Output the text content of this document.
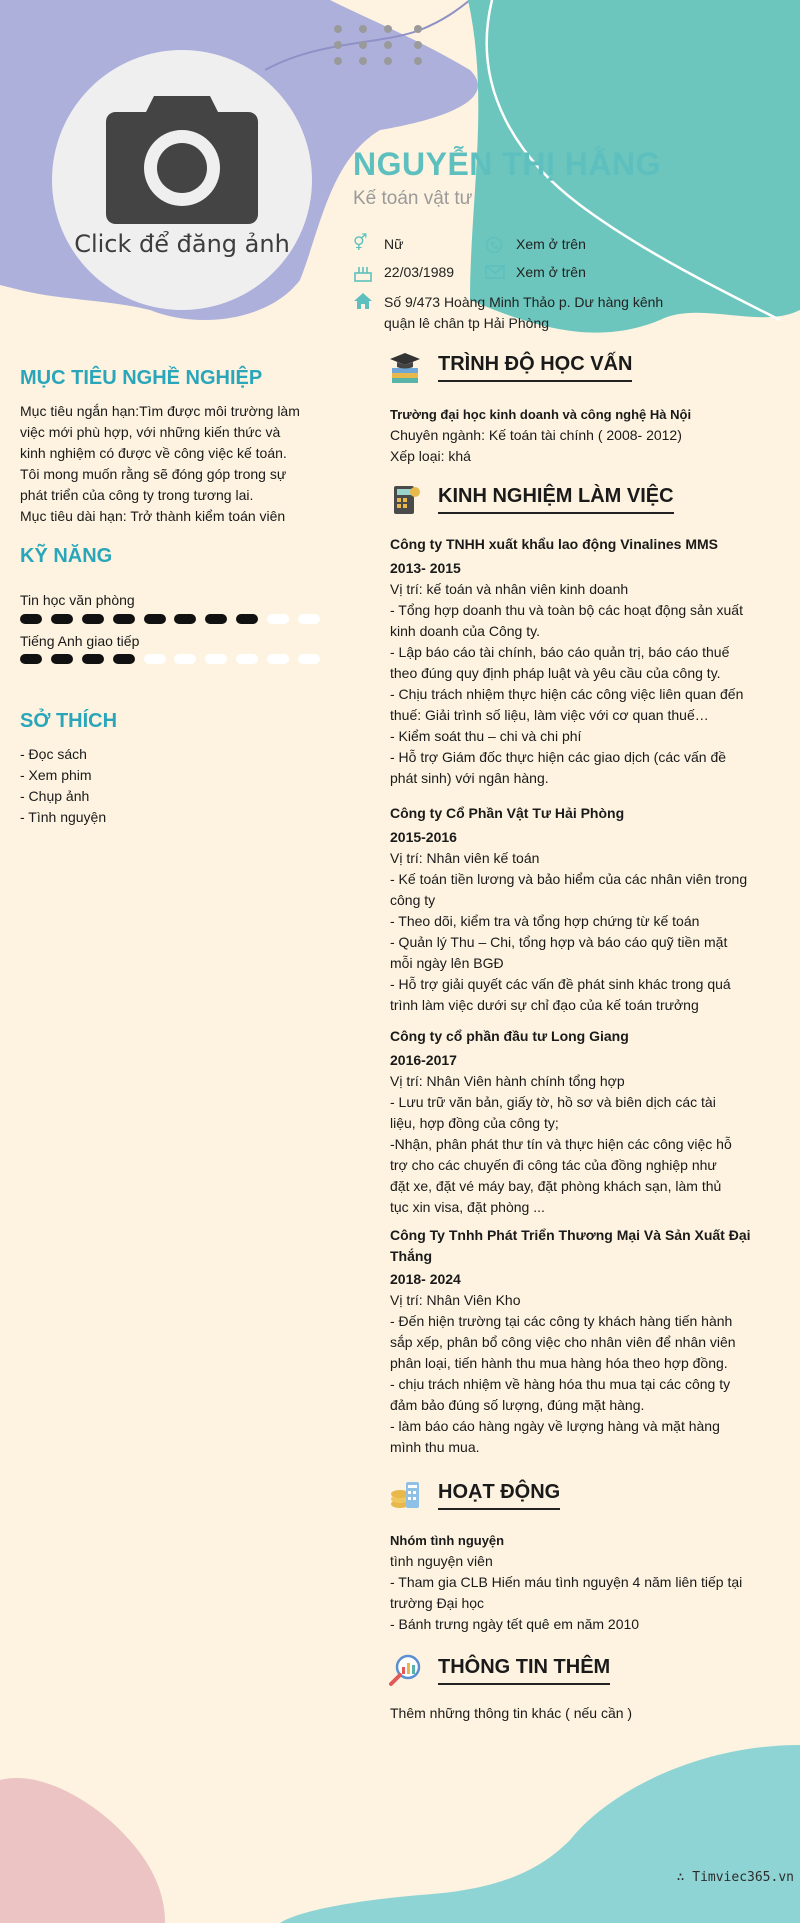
Click để đăng ảnh
NGUYỄN THỊ HẰNG
Kế toán vật tư
⚥	Nữ	Xem ở trên
22/03/1989	Xem ở trên
Số 9/473 Hoàng Minh Thảo p. Dư hàng kênh
quận lê chân tp Hải Phòng
MỤC TIÊU NGHỀ NGHIỆP
Mục tiêu ngắn hạn:Tìm được môi trường làm
việc mới phù hợp, với những kiến thức và
kinh nghiệm có được về công việc kế toán.
Tôi mong muốn rằng sẽ đóng góp trong sự
phát triển của công ty trong tương lai.
Mục tiêu dài hạn: Trở thành kiểm toán viên
KỸ NĂNG
Tin học văn phòng
Tiếng Anh giao tiếp
SỞ THÍCH
- Đọc sách
- Xem phim
- Chụp ảnh
- Tình nguyện
TRÌNH ĐỘ HỌC VẤN
Trường đại học kinh doanh và công nghệ Hà Nội
Chuyên ngành: Kế toán tài chính ( 2008- 2012)
Xếp loại: khá
KINH NGHIỆM LÀM VIỆC
Công ty TNHH xuất khẩu lao động Vinalines MMS
2013- 2015
Vị trí: kế toán và nhân viên kinh doanh
- Tổng hợp doanh thu và toàn bộ các hoạt động sản xuất
kinh doanh của Công ty.
- Lập báo cáo tài chính, báo cáo quản trị, báo cáo thuế
theo đúng quy định pháp luật và yêu cầu của công ty.
- Chịu trách nhiệm thực hiện các công việc liên quan đến
thuế: Giải trình số liệu, làm việc với cơ quan thuế…
- Kiểm soát thu – chi và chi phí
- Hỗ trợ Giám đốc thực hiện các giao dịch (các vấn đề
phát sinh) với ngân hàng.
Công ty Cổ Phần Vật Tư Hải Phòng
2015-2016
Vị trí: Nhân viên kế toán
- Kế toán tiền lương và bảo hiểm của các nhân viên trong
công ty
- Theo dõi, kiểm tra và tổng hợp chứng từ kế toán
- Quản lý Thu – Chi, tổng hợp và báo cáo quỹ tiền mặt
mỗi ngày lên BGĐ
- Hỗ trợ giải quyết các vấn đề phát sinh khác trong quá
trình làm việc dưới sự chỉ đạo của kế toán trưởng
Công ty cổ phần đầu tư Long Giang
2016-2017
Vị trí: Nhân Viên hành chính tổng hợp
- Lưu trữ văn bản, giấy tờ, hồ sơ và biên dịch các tài
liệu, hợp đồng của công ty;
-Nhận, phân phát thư tín và thực hiện các công việc hỗ
trợ cho các chuyến đi công tác của đồng nghiệp như
đặt xe, đặt vé máy bay, đặt phòng khách sạn, làm thủ
tục xin visa, đặt phòng ...
Công Ty Tnhh Phát Triển Thương Mại Và Sản Xuất Đại
Thắng
2018- 2024
Vị trí: Nhân Viên Kho
- Đến hiện trường tại các công ty khách hàng tiến hành
sắp xếp, phân bổ công việc cho nhân viên để nhân viên
phân loại, tiến hành thu mua hàng hóa theo hợp đồng.
- chịu trách nhiệm về hàng hóa thu mua tại các công ty
đảm bảo đúng số lượng, đúng mặt hàng.
- làm báo cáo hàng ngày về lượng hàng và mặt hàng
mình thu mua.
HOẠT ĐỘNG
Nhóm tình nguyện
tình nguyện viên
- Tham gia CLB Hiến máu tình nguyện 4 năm liên tiếp tại
trường Đại học
- Bánh trưng ngày tết quê em năm 2010
THÔNG TIN THÊM
Thêm những thông tin khác ( nếu cần )
∴ Timviec365.vn
